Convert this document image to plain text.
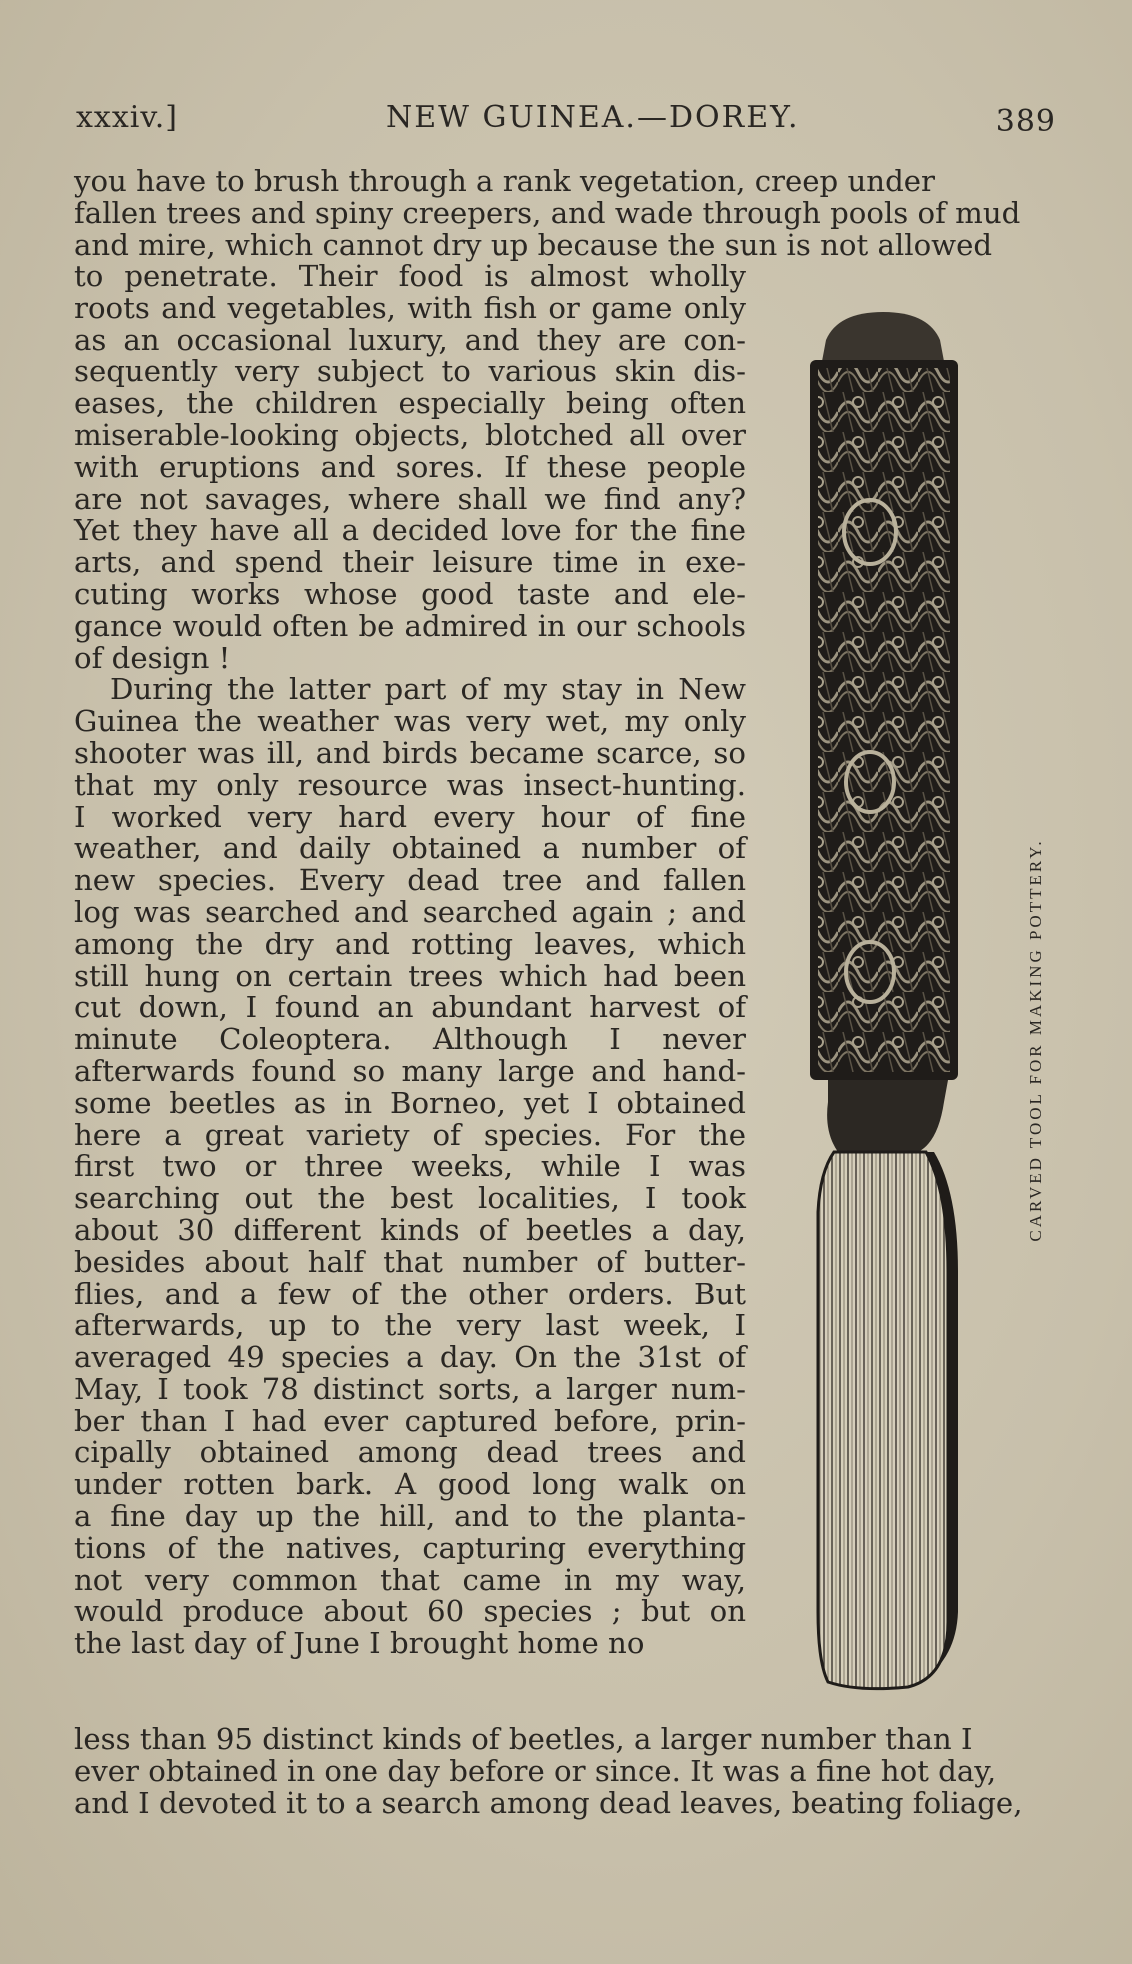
xxxiv.]	NEW GUINEA.—DOREY.	389
you have to brush through a rank vegetation, creep under
fallen trees and spiny creepers, and wade through pools of mud
and mire, which cannot dry up because the sun is not allowed
to penetrate. Their food is almost wholly
roots and vegetables, with fish or game only
as an occasional luxury, and they are con-
sequently very subject to various skin dis-
eases, the children especially being often
miserable-looking objects, blotched all over
with eruptions and sores. If these people
are not savages, where shall we find any?
Yet they have all a decided love for the fine
arts, and spend their leisure time in exe-
cuting works whose good taste and ele-
gance would often be admired in our schools
of design !
During the latter part of my stay in New
Guinea the weather was very wet, my only
shooter was ill, and birds became scarce, so
that my only resource was insect-hunting.
I worked very hard every hour of fine
weather, and daily obtained a number of
new species. Every dead tree and fallen
log was searched and searched again ; and
among the dry and rotting leaves, which
still hung on certain trees which had been
cut down, I found an abundant harvest of
minute Coleoptera. Although I never
afterwards found so many large and hand-
some beetles as in Borneo, yet I obtained
here a great variety of species. For the
first two or three weeks, while I was
searching out the best localities, I took
about 30 different kinds of beetles a day,
besides about half that number of butter-
flies, and a few of the other orders. But
afterwards, up to the very last week, I
averaged 49 species a day. On the 31st of
May, I took 78 distinct sorts, a larger num-
ber than I had ever captured before, prin-
cipally obtained among dead trees and
under rotten bark. A good long walk on
a fine day up the hill, and to the planta-
tions of the natives, capturing everything
not very common that came in my way,
would produce about 60 species ; but on
the last day of June I brought home no
CARVED TOOL FOR MAKING POTTERY.
less than 95 distinct kinds of beetles, a larger number than I
ever obtained in one day before or since. It was a fine hot day,
and I devoted it to a search among dead leaves, beating foliage,
